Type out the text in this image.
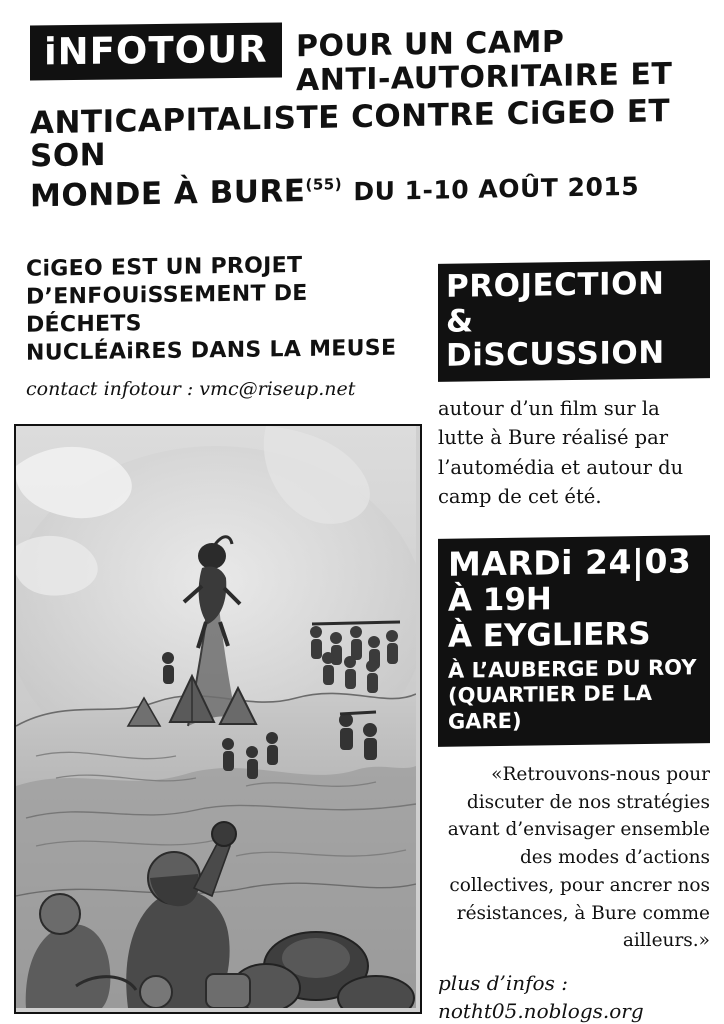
iNFOTOUR POUR UN CAMP
ANTI-AUTORITAIRE ET
ANTICAPITALISTE CONTRE CiGEO ET SON
MONDE À BURE$^{(55)}$ DU 1-10 AOÛT 2015
CiGEO EST UN PROJET
D’ENFOUiSSEMENT DE DÉCHETS
NUCLÉAiRES DANS LA MEUSE
contact infotour : vmc@riseup.net
PROJECTION &
DiSCUSSION
autour d’un film sur la lutte à Bure réalisé par l’automédia et autour du camp de cet été.
MARDi 24|03
À 19H
À EYGLIERS
À L’AUBERGE DU ROY
(QUARTIER DE LA GARE)
«Retrouvons-nous pour discuter de nos stratégies avant d’envisager ensemble des modes d’actions collectives, pour ancrer nos résistances, à Bure comme ailleurs.»
plus d’infos :
notht05.noblogs.org
